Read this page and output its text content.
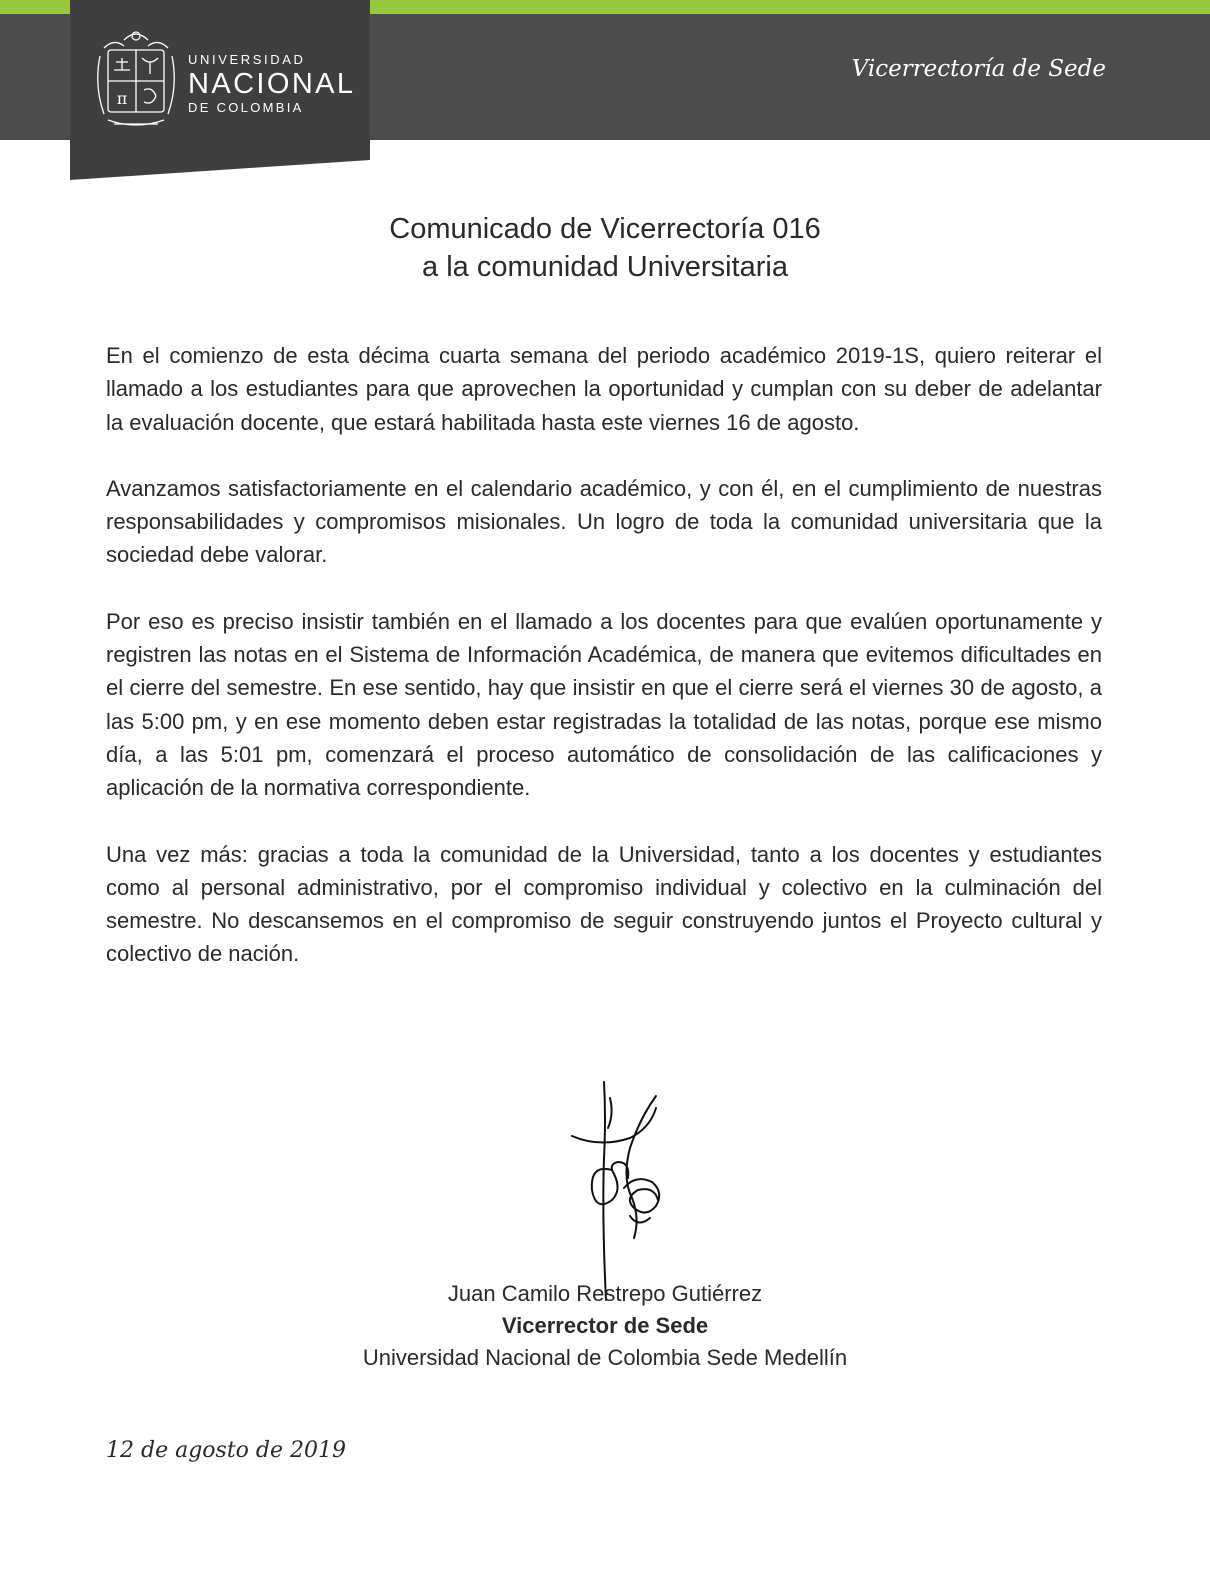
π
UNIVERSIDAD
NACIONAL
DE COLOMBIA
Vicerrectoría de Sede
Comunicado de Vicerrectoría 016
a la comunidad Universitaria

En el comienzo de esta décima cuarta semana del periodo académico 2019-1S, quiero reiterar el llamado a los estudiantes para que aprovechen la oportunidad y cumplan con su deber de adelantar la evaluación docente, que estará habilitada hasta este viernes 16 de agosto.

Avanzamos satisfactoriamente en el calendario académico, y con él, en el cumplimiento de nuestras responsabilidades y compromisos misionales. Un logro de toda la comunidad universitaria que la sociedad debe valorar.

Por eso es preciso insistir también en el llamado a los docentes para que evalúen oportunamente y registren las notas en el Sistema de Información Académica, de manera que evitemos dificultades en el cierre del semestre. En ese sentido, hay que insistir en que el cierre será el viernes 30 de agosto, a las 5:00 pm, y en ese momento deben estar registradas la totalidad de las notas, porque ese mismo día, a las 5:01 pm, comenzará el proceso automático de consolidación de las calificaciones y aplicación de la normativa correspondiente.

Una vez más: gracias a toda la comunidad de la Universidad, tanto a los docentes y estudiantes como al personal administrativo, por el compromiso individual y colectivo en la culminación del semestre. No descansemos en el compromiso de seguir construyendo juntos el Proyecto cultural y colectivo de nación.

Juan Camilo Restrepo Gutiérrez
Vicerrector de Sede
Universidad Nacional de Colombia Sede Medellín
12 de agosto de 2019
